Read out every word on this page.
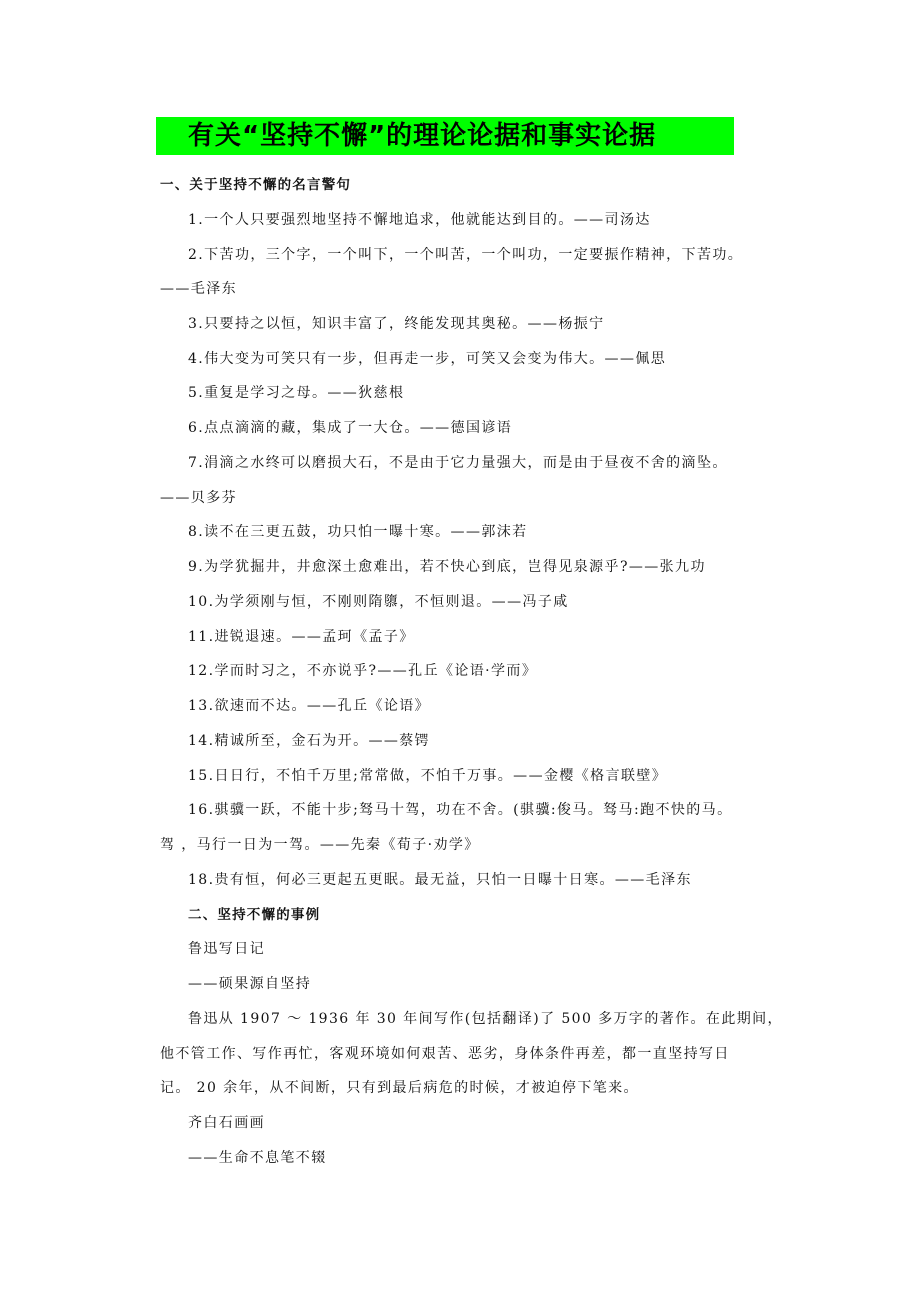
有关“坚持不懈”的理论论据和事实论据
一、关于坚持不懈的名言警句
1.一个人只要强烈地坚持不懈地追求，他就能达到目的。——司汤达
2.下苦功，三个字，一个叫下，一个叫苦，一个叫功，一定要振作精神，下苦功。
——毛泽东
3.只要持之以恒，知识丰富了，终能发现其奥秘。——杨振宁
4.伟大变为可笑只有一步，但再走一步，可笑又会变为伟大。——佩思
5.重复是学习之母。——狄慈根
6.点点滴滴的藏，集成了一大仓。——德国谚语
7.涓滴之水终可以磨损大石，不是由于它力量强大，而是由于昼夜不舍的滴坠。
——贝多芬
8.读不在三更五鼓，功只怕一曝十寒。——郭沫若
9.为学犹掘井，井愈深土愈难出，若不快心到底，岂得见泉源乎?——张九功
10.为学须刚与恒，不刚则隋隳，不恒则退。——冯子咸
11.进锐退速。——孟珂《孟子》
12.学而时习之，不亦说乎?——孔丘《论语·学而》
13.欲速而不达。——孔丘《论语》
14.精诚所至，金石为开。——蔡锷
15.日日行，不怕千万里;常常做，不怕千万事。——金樱《格言联壁》
16.骐骥一跃，不能十步;驽马十驾，功在不舍。(骐骥:俊马。驽马:跑不快的马。
驾 ，马行一日为一驾。——先秦《荀子·劝学》
18.贵有恒，何必三更起五更眠。最无益，只怕一日曝十日寒。——毛泽东
二、坚持不懈的事例
鲁迅写日记
——硕果源自坚持
鲁迅从 1907 ～ 1936 年 30 年间写作(包括翻译)了 500 多万字的著作。在此期间，
他不管工作、写作再忙，客观环境如何艰苦、恶劣，身体条件再差，都一直坚持写日
记。 20 余年，从不间断，只有到最后病危的时候，才被迫停下笔来。
齐白石画画
——生命不息笔不辍
